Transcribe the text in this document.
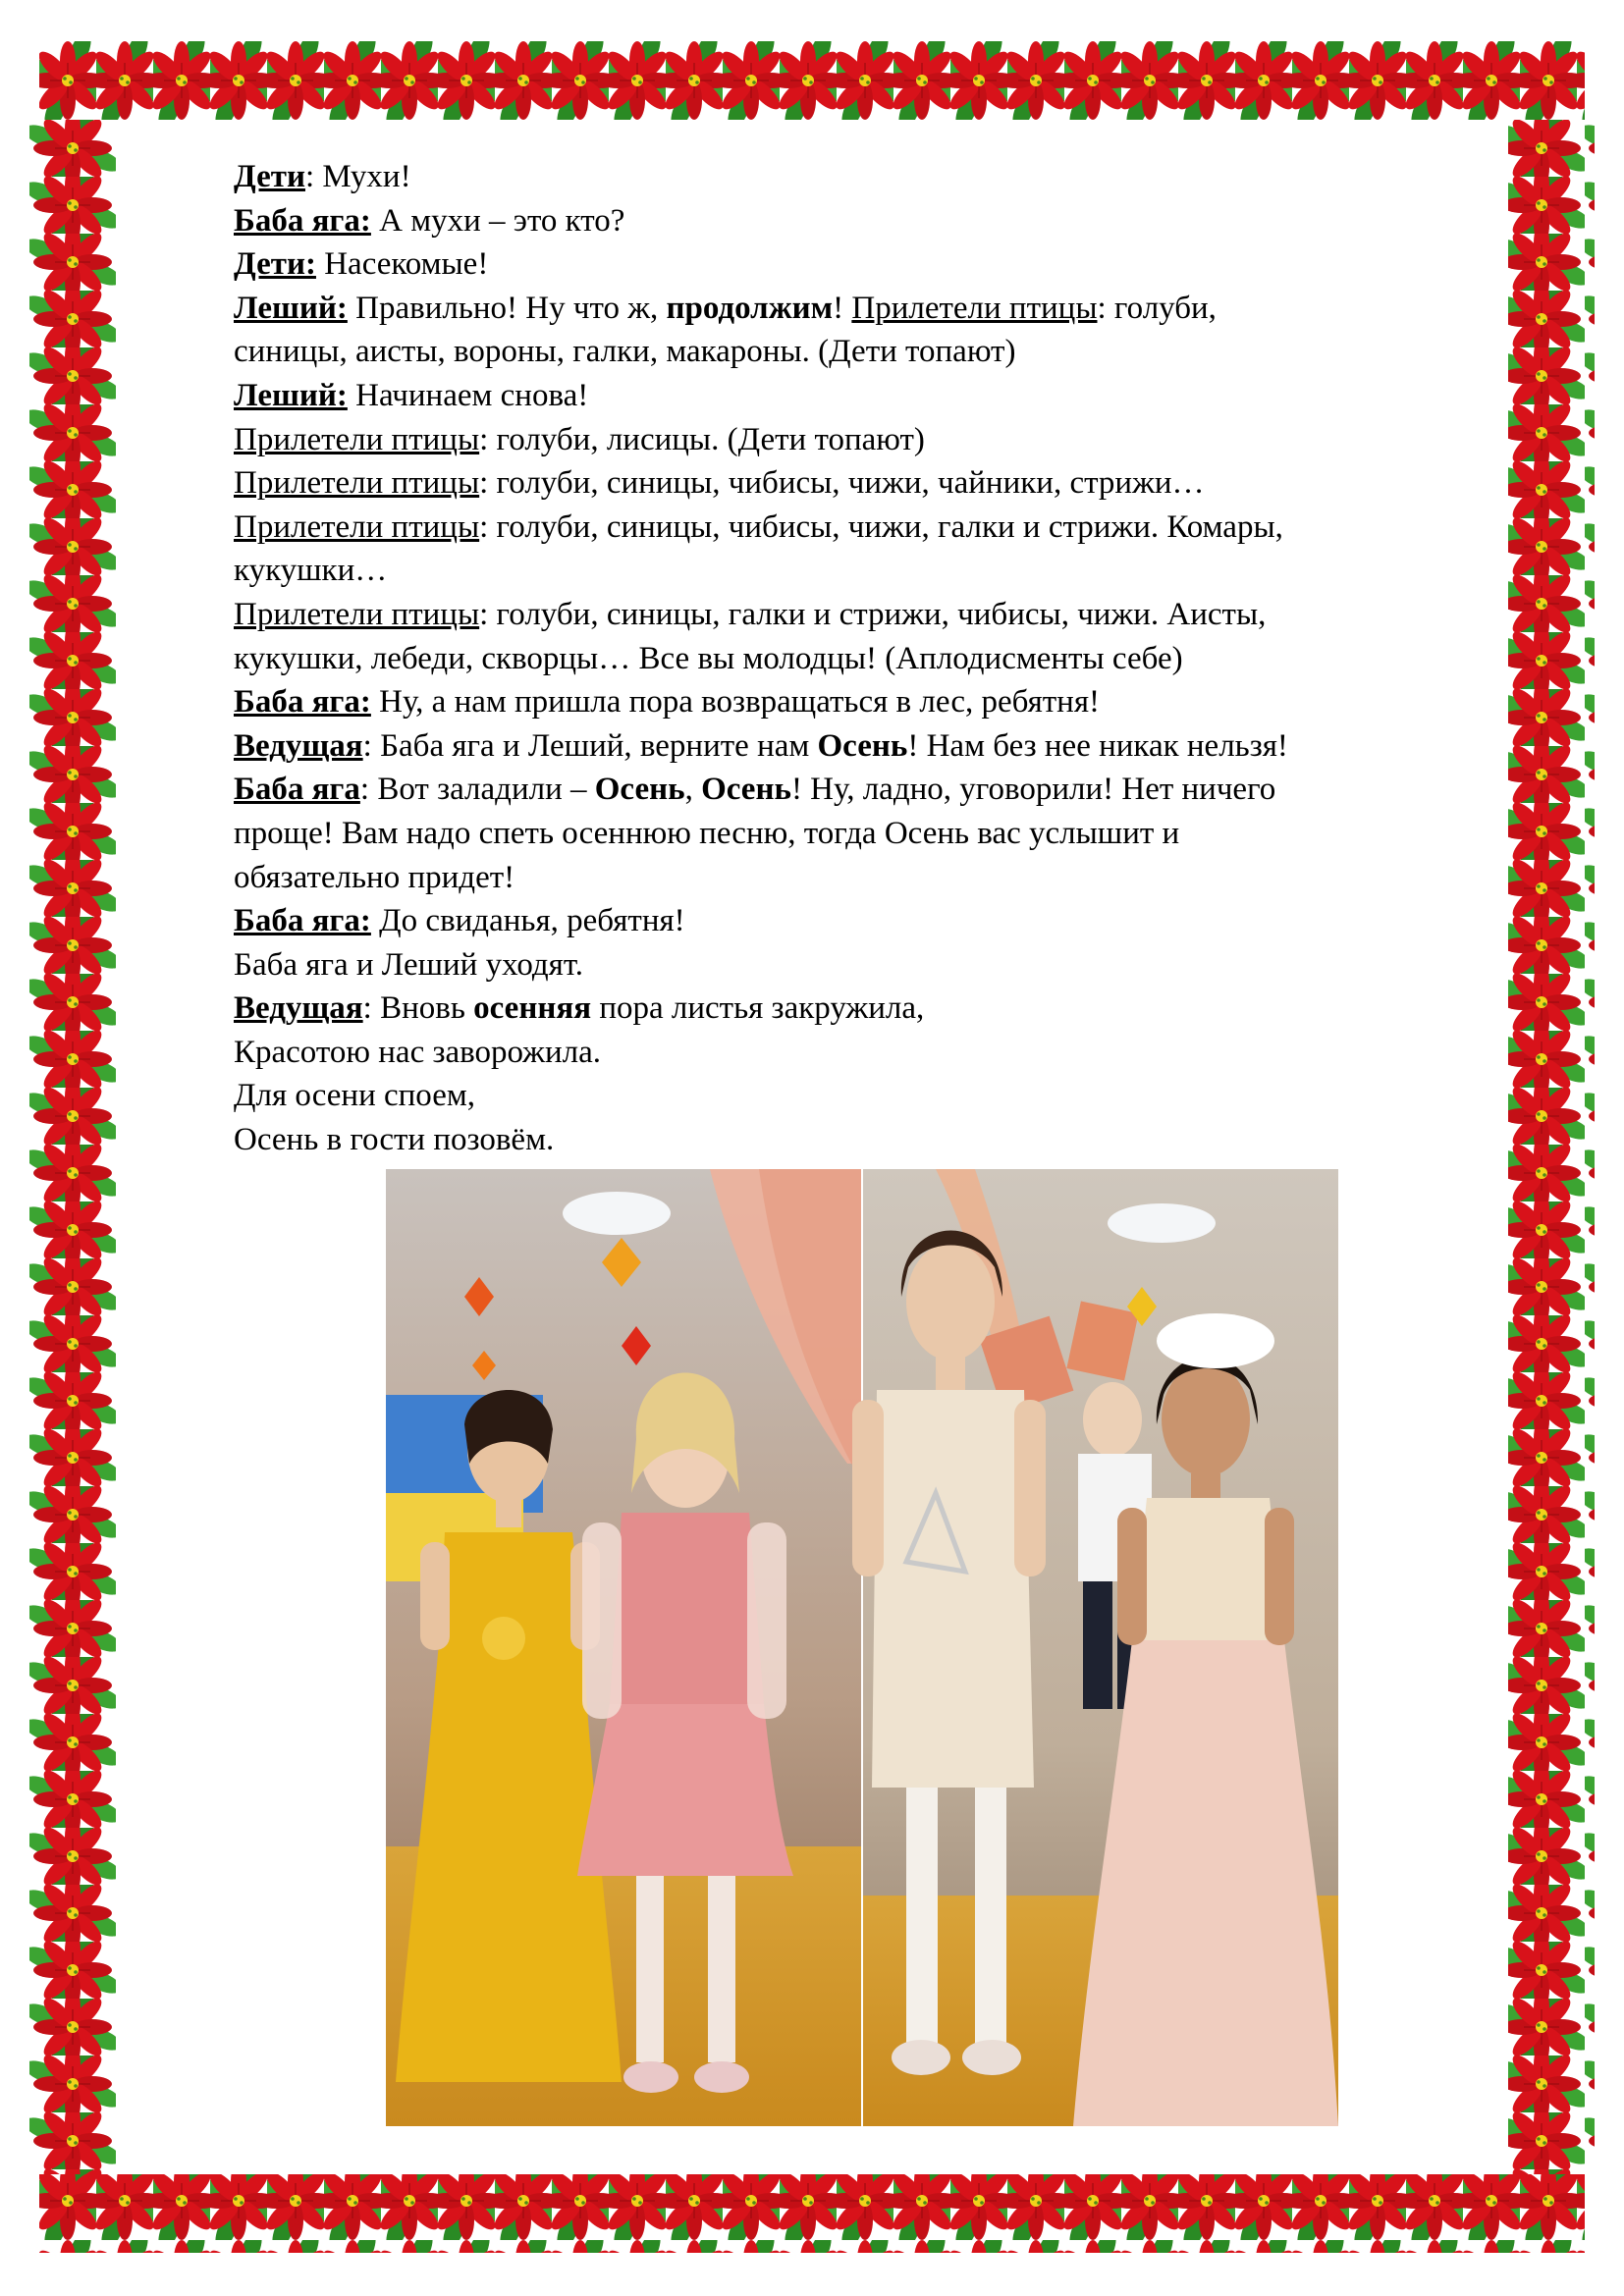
Дети: Мухи!
Баба яга: А мухи – это кто?
Дети: Насекомые!
Леший: Правильно! Ну что ж, продолжим! Прилетели птицы: голуби,
синицы, аисты, вороны, галки, макароны. (Дети топают)
Леший: Начинаем снова!
Прилетели птицы: голуби, лисицы. (Дети топают)
Прилетели птицы: голуби, синицы, чибисы, чижи, чайники, стрижи…
Прилетели птицы: голуби, синицы, чибисы, чижи, галки и стрижи. Комары,
кукушки…
Прилетели птицы: голуби, синицы, галки и стрижи, чибисы, чижи. Аисты,
кукушки, лебеди, скворцы… Все вы молодцы! (Аплодисменты себе)
Баба яга: Ну, а нам пришла пора возвращаться в лес, ребятня!
Ведущая: Баба яга и Леший, верните нам Осень! Нам без нее никак нельзя!
Баба яга: Вот заладили – Осень, Осень! Ну, ладно, уговорили! Нет ничего
проще! Вам надо спеть осеннюю песню, тогда Осень вас услышит и
обязательно придет!
Баба яга: До свиданья, ребятня!
Баба яга и Леший уходят.
Ведущая: Вновь осенняя пора листья закружила,
Красотою нас заворожила.
Для осени споем,
Осень в гости позовём.
